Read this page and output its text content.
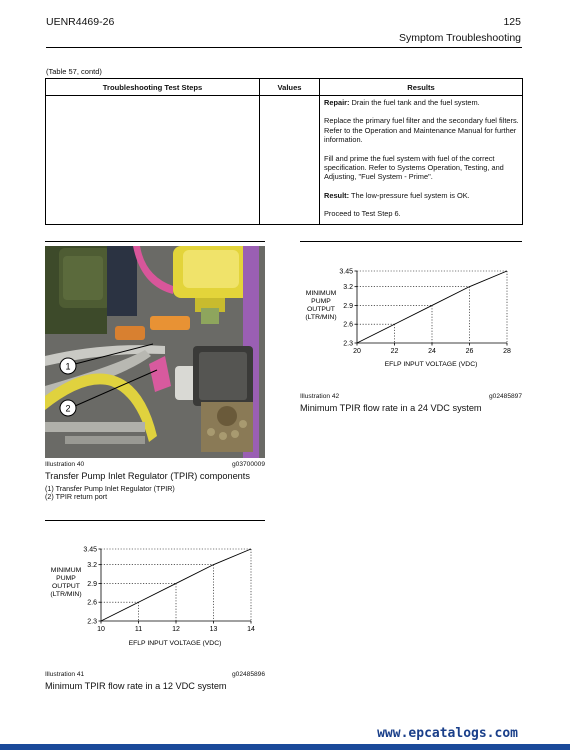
UENR4469-26	125
Symptom Troubleshooting
(Table 57, contd)
Troubleshooting Test Steps	Values	Results

		Repair: Drain the fuel tank and the fuel system.

Replace the primary fuel filter and the secondary fuel filters. Refer to the Operation and Maintenance Manual for further information.

Fill and prime the fuel system with fuel of the correct specification. Refer to Systems Operation, Testing, and Adjusting, "Fuel System - Prime".

Result: The low-pressure fuel system is OK.

Proceed to Test Step 6.

1
2
Illustration 40	g03700009
Transfer Pump Inlet Regulator (TPIR) components
(1) Transfer Pump Inlet Regulator (TPIR)
(2) TPIR return port
MINIMUM
PUMP
OUTPUT
(LTR/MIN)
EFLP INPUT VOLTAGE (VDC)
10	11	12	13	14
2.3
2.6
2.9
3.2
3.45
Illustration 41	g02485896
Minimum TPIR flow rate in a 12 VDC system
MINIMUM
PUMP
OUTPUT
(LTR/MIN)
EFLP INPUT VOLTAGE (VDC)
20	22	24	26	28
2.3
2.6
2.9
3.2
3.45
Illustration 42	g02485897
Minimum TPIR flow rate in a 24 VDC system
www.epcatalogs.com
